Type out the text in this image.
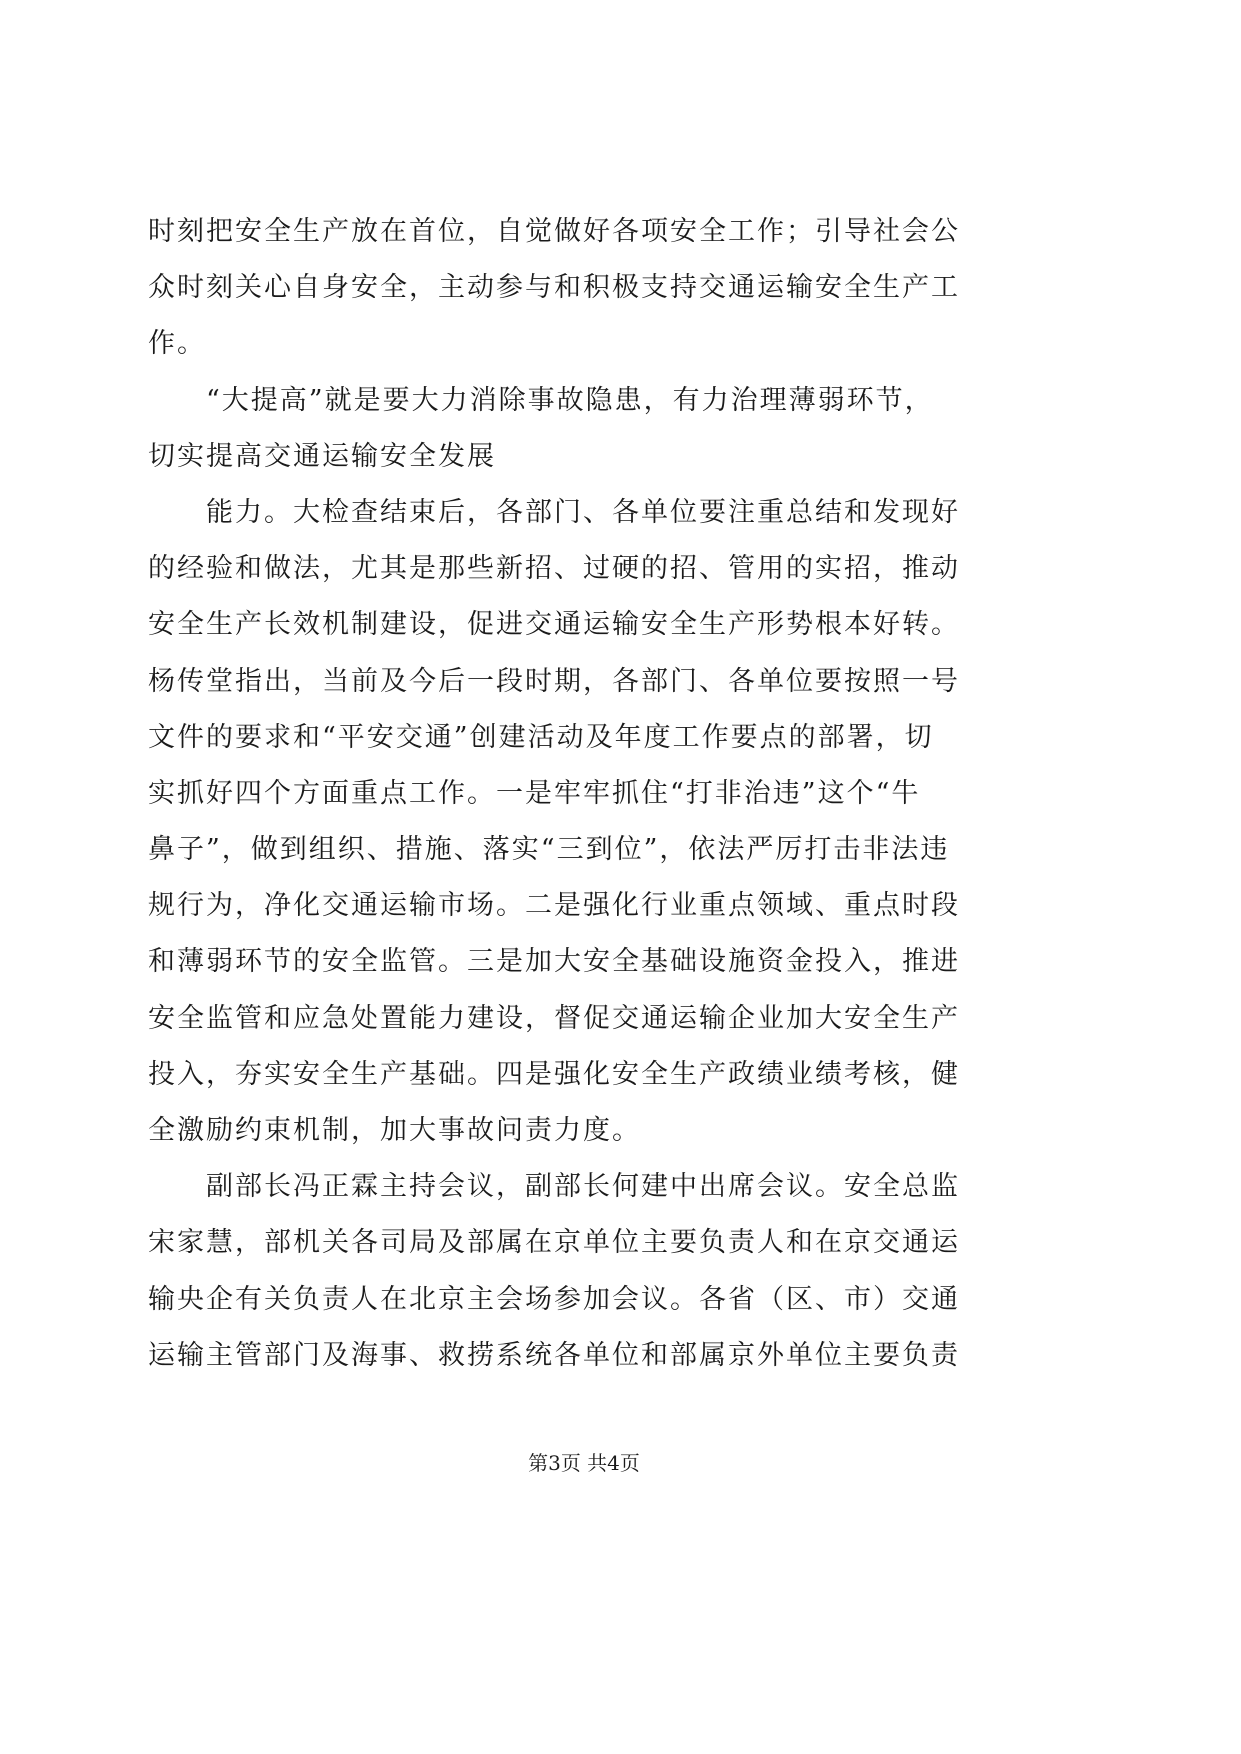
时刻把安全生产放在首位，自觉做好各项安全工作；引导社会公
众时刻关心自身安全，主动参与和积极支持交通运输安全生产工
作。
“大提高”就是要大力消除事故隐患，有力治理薄弱环节，
切实提高交通运输安全发展
能力。大检查结束后，各部门、各单位要注重总结和发现好
的经验和做法，尤其是那些新招、过硬的招、管用的实招，推动
安全生产长效机制建设，促进交通运输安全生产形势根本好转。
杨传堂指出，当前及今后一段时期，各部门、各单位要按照一号
文件的要求和“平安交通”创建活动及年度工作要点的部署，切
实抓好四个方面重点工作。一是牢牢抓住“打非治违”这个“牛
鼻子”，做到组织、措施、落实“三到位”，依法严厉打击非法违
规行为，净化交通运输市场。二是强化行业重点领域、重点时段
和薄弱环节的安全监管。三是加大安全基础设施资金投入，推进
安全监管和应急处置能力建设，督促交通运输企业加大安全生产
投入，夯实安全生产基础。四是强化安全生产政绩业绩考核，健
全激励约束机制，加大事故问责力度。
副部长冯正霖主持会议，副部长何建中出席会议。安全总监
宋家慧，部机关各司局及部属在京单位主要负责人和在京交通运
输央企有关负责人在北京主会场参加会议。各省（区、市）交通
运输主管部门及海事、救捞系统各单位和部属京外单位主要负责
第3页 共4页
